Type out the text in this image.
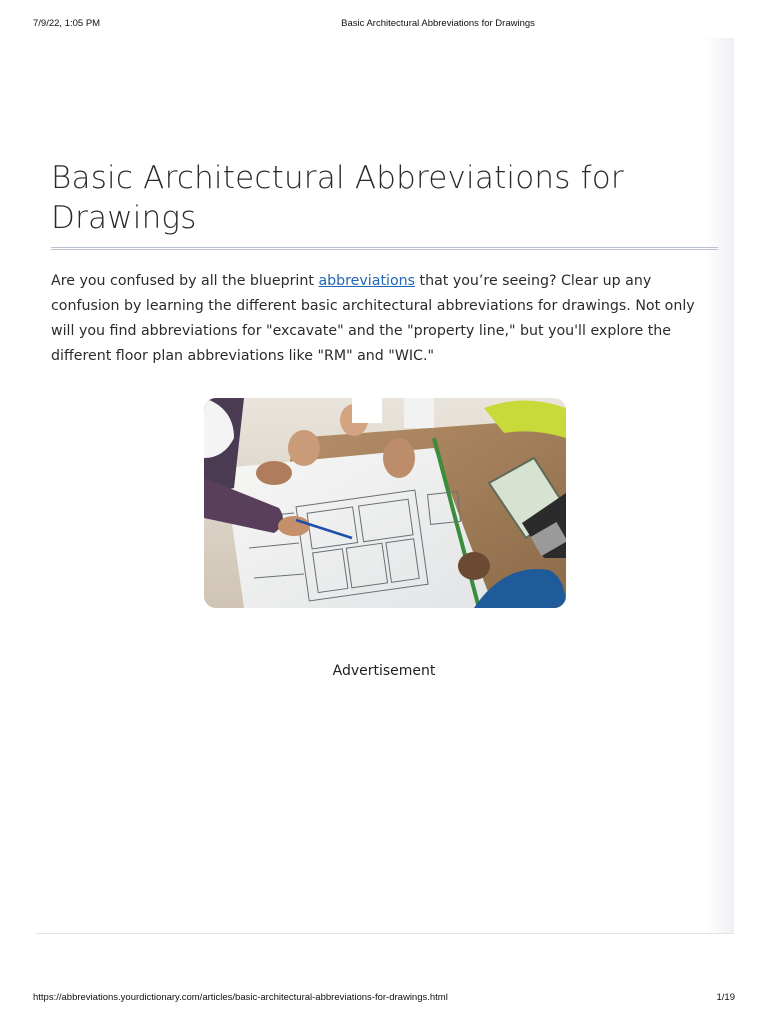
7/9/22, 1:05 PM	Basic Architectural Abbreviations for Drawings
Basic Architectural Abbreviations for Drawings

Are you confused by all the blueprint abbreviations that you’re seeing? Clear up any confusion by learning the different basic architectural abbreviations for drawings. Not only will you find abbreviations for "excavate" and the "property line," but you'll explore the different floor plan abbreviations like "RM" and "WIC."

Advertisement
https://abbreviations.yourdictionary.com/articles/basic-architectural-abbreviations-for-drawings.html	1/19
